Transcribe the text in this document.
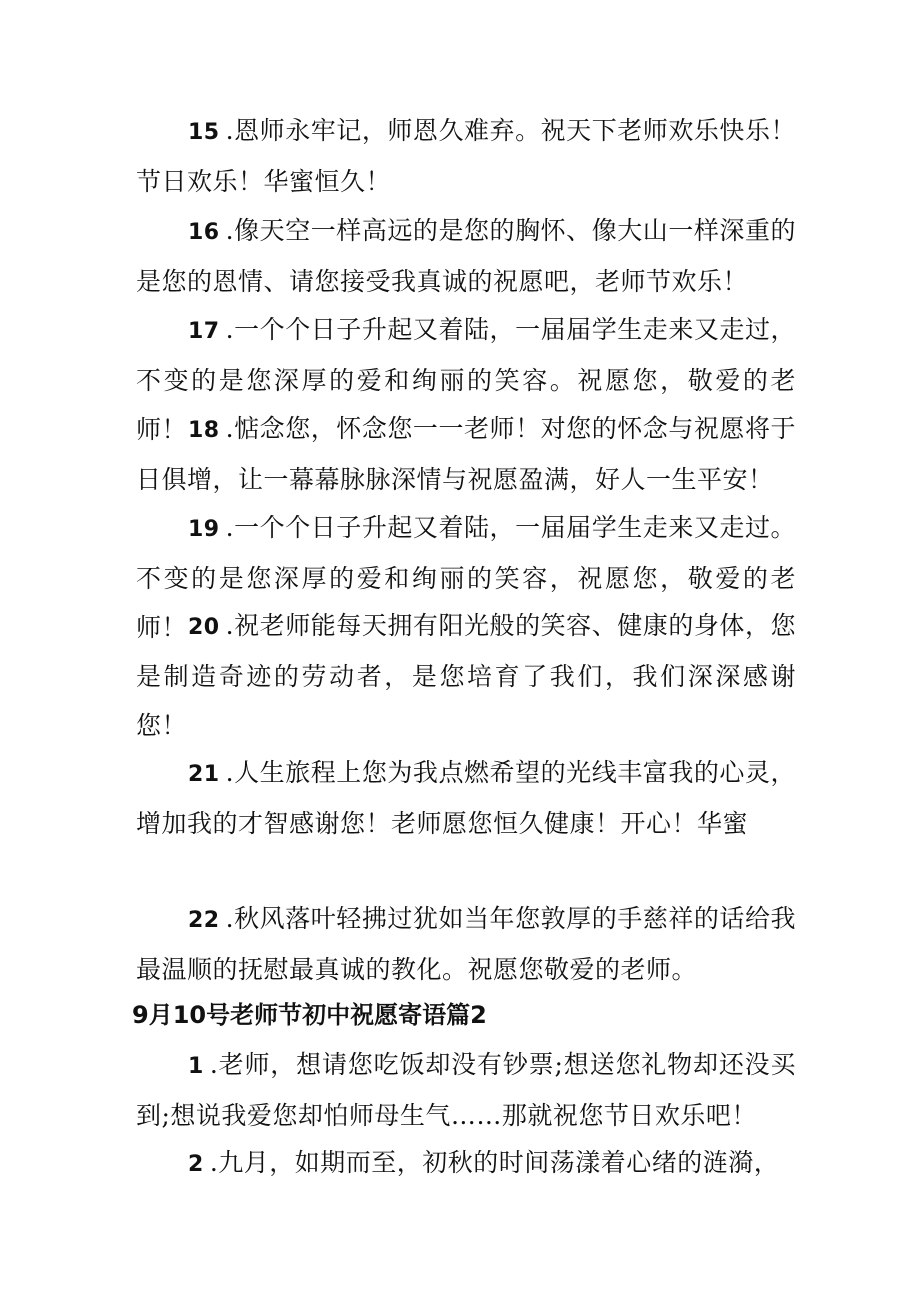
15 .恩师永牢记，师恩久难弃。祝天下老师欢乐快乐！节日欢乐！华蜜恒久！
16 .像天空一样高远的是您的胸怀、像大山一样深重的是您的恩情、请您接受我真诚的祝愿吧，老师节欢乐！
17 .一个个日子升起又着陆，一届届学生走来又走过，不变的是您深厚的爱和绚丽的笑容。祝愿您，敬爱的老师！ 18 .惦念您，怀念您一一老师！对您的怀念与祝愿将于日俱增，让一幕幕脉脉深情与祝愿盈满，好人一生平安！
19 .一个个日子升起又着陆，一届届学生走来又走过。不变的是您深厚的爱和绚丽的笑容，祝愿您，敬爱的老师！ 20 .祝老师能每天拥有阳光般的笑容、健康的身体，您是制造奇迹的劳动者，是您培育了我们，我们深深感谢您！
21 .人生旅程上您为我点燃希望的光线丰富我的心灵，增加我的才智感谢您！老师愿您恒久健康！开心！华蜜
22 .秋风落叶轻拂过犹如当年您敦厚的手慈祥的话给我最温顺的抚慰最真诚的教化。祝愿您敬爱的老师。
9月10号老师节初中祝愿寄语篇2
1 .老师，想请您吃饭却没有钞票;想送您礼物却还没买到;想说我爱您却怕师母生气……那就祝您节日欢乐吧！
2 .九月，如期而至，初秋的时间荡漾着心绪的涟漪，
